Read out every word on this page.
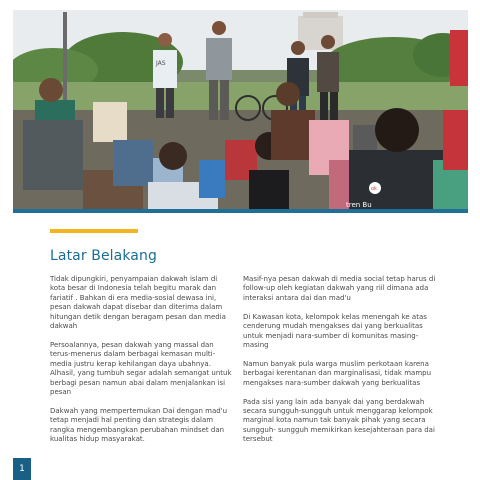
JAS
ok
tren Bu
Latar Belakang

Tidak dipungkiri, penyampaian dakwah islam di kota besar di Indonesia telah begitu marak dan fariatif . Bahkan di era media-sosial dewasa ini, pesan dakwah dapat disebar dan diterima dalam hitungan detik dengan beragam pesan dan media dakwah

Persoalannya, pesan dakwah yang massal dan terus-menerus dalam berbagai kemasan multi-media justru kerap kehilangan daya ubahnya. Alhasil, yang tumbuh segar adalah semangat untuk berbagi pesan namun abai dalam menjalankan isi pesan

Dakwah yang mempertemukan Dai dengan mad'u tetap menjadi hal penting dan strategis dalam rangka mengembangkan perubahan mindset dan kualitas hidup masyarakat.

Masif-nya pesan dakwah di media social tetap harus di follow-up oleh kegiatan dakwah yang riil dimana ada interaksi antara dai dan mad'u

Di Kawasan kota, kelompok kelas menengah ke atas cenderung mudah mengakses dai yang berkualitas untuk menjadi nara-sumber di komunitas masing-masing

Namun banyak pula warga muslim perkotaan karena berbagai kerentanan dan marginalisasi, tidak mampu mengakses nara-sumber dakwah yang berkualitas

Pada sisi yang lain ada banyak dai yang berdakwah secara sungguh-sungguh untuk menggarap kelompok marginal kota namun tak banyak pihak yang secara sungguh- sungguh memikirkan kesejahteraan para dai tersebut

1
